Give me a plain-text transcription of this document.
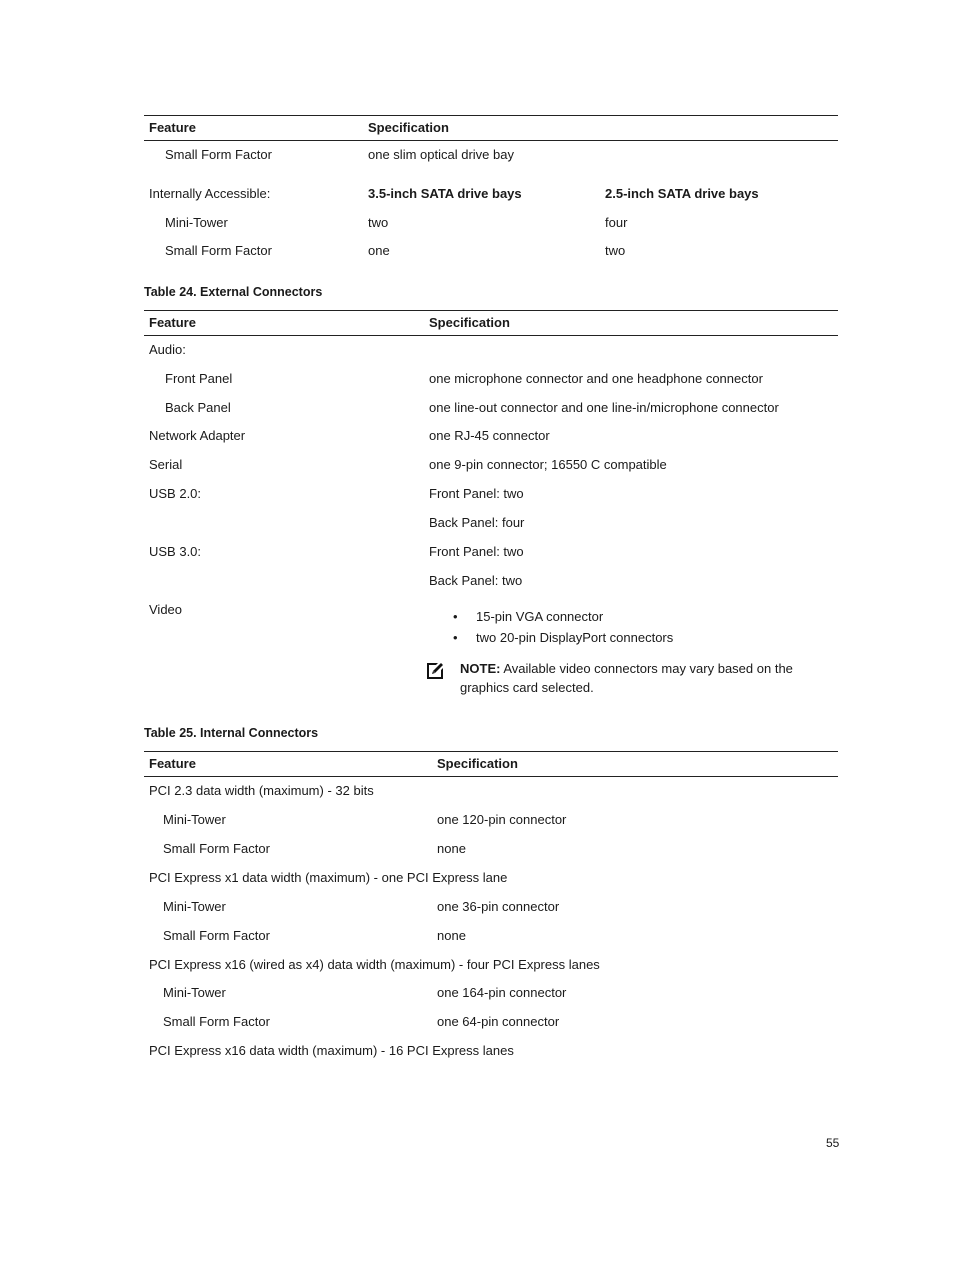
Feature	Specification
Small Form Factor	one slim optical drive bay
Internally Accessible:	3.5-inch SATA drive bays	2.5-inch SATA drive bays
Mini-Tower	two	four
Small Form Factor	one	two
Table 24. External Connectors
Feature	Specification
Audio:
Front Panel	one microphone connector and one headphone connector
Back Panel	one line-out connector and one line-in/microphone connector
Network Adapter	one RJ-45 connector
Serial	one 9-pin connector; 16550 C compatible
USB 2.0:	Front Panel: two
Back Panel: four
USB 3.0:	Front Panel: two
Back Panel: two
Video	• 15-pin VGA connector
• two 20-pin DisplayPort connectors
NOTE: Available video connectors may vary based on the
graphics card selected.
Table 25. Internal Connectors
Feature	Specification
PCI 2.3 data width (maximum) - 32 bits
Mini-Tower	one 120-pin connector
Small Form Factor	none
PCI Express x1 data width (maximum) - one PCI Express lane
Mini-Tower	one 36-pin connector
Small Form Factor	none
PCI Express x16 (wired as x4) data width (maximum) - four PCI Express lanes
Mini-Tower	one 164-pin connector
Small Form Factor	one 64-pin connector
PCI Express x16 data width (maximum) - 16 PCI Express lanes
55
